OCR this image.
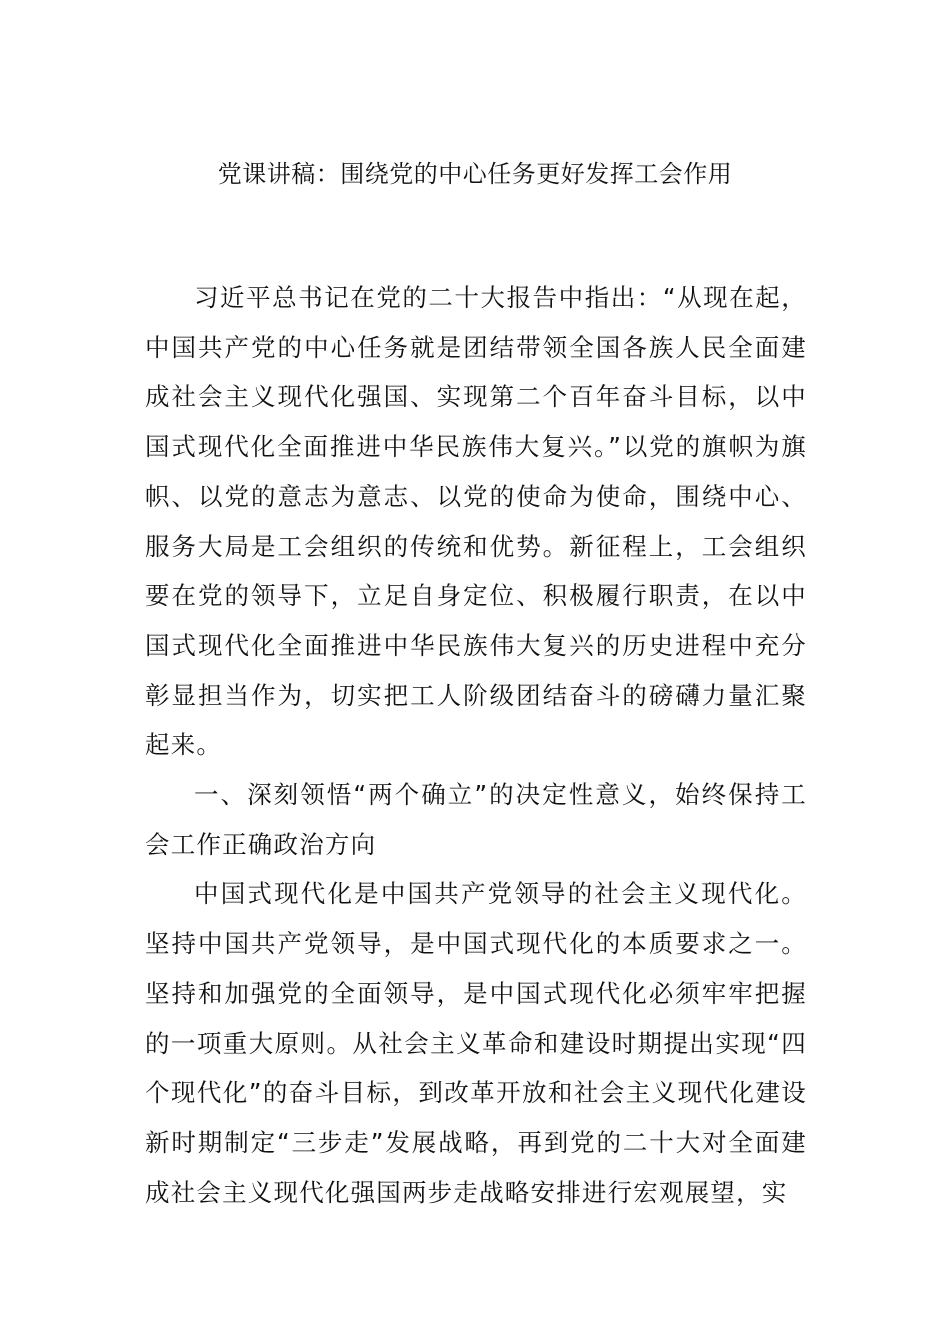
党课讲稿：围绕党的中心任务更好发挥工会作用

习近平总书记在党的二十大报告中指出：“从现在起，中国共产党的中心任务就是团结带领全国各族人民全面建成社会主义现代化强国、实现第二个百年奋斗目标，以中国式现代化全面推进中华民族伟大复兴。”以党的旗帜为旗帜、以党的意志为意志、以党的使命为使命，围绕中心、服务大局是工会组织的传统和优势。新征程上，工会组织要在党的领导下，立足自身定位、积极履行职责，在以中国式现代化全面推进中华民族伟大复兴的历史进程中充分彰显担当作为，切实把工人阶级团结奋斗的磅礴力量汇聚起来。

一、深刻领悟“两个确立”的决定性意义，始终保持工会工作正确政治方向

中国式现代化是中国共产党领导的社会主义现代化。坚持中国共产党领导，是中国式现代化的本质要求之一。坚持和加强党的全面领导，是中国式现代化必须牢牢把握的一项重大原则。从社会主义革命和建设时期提出实现“四个现代化”的奋斗目标，到改革开放和社会主义现代化建设新时期制定“三步走”发展战略，再到党的二十大对全面建成社会主义现代化强国两步走战略安排进行宏观展望，实
